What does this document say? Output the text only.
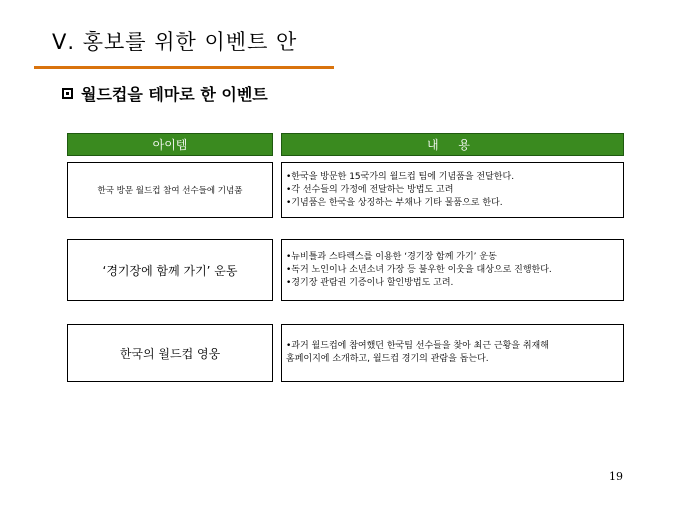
Ⅴ. 홍보를 위한 이벤트 안
월드컵을 테마로 한 이벤트
아이템	내 용
한국 방문 월드컵 참여 선수들에 기념품
•한국을 방문한 15국가의 월드컵 팀에 기념품을 전달한다.
•각 선수들의 가정에 전달하는 방법도 고려
•기념품은 한국을 상징하는 부채나 기타 물품으로 한다.
‘경기장에 함께 가기’ 운동
•뉴비틀과 스타렉스를 이용한 ‘경기장 함께 가기’ 운동
•독거 노인이나 소년소녀 가장 등 불우한 이웃을 대상으로 진행한다.
•경기장 관람권 기증이나 할인방법도 고려.
한국의 월드컵 영웅
•과거 월드컵에 참여했던 한국팀 선수들을 찾아 최근 근황을 취재해
홈페이지에 소개하고, 월드컵 경기의 관람을 돕는다.
19
